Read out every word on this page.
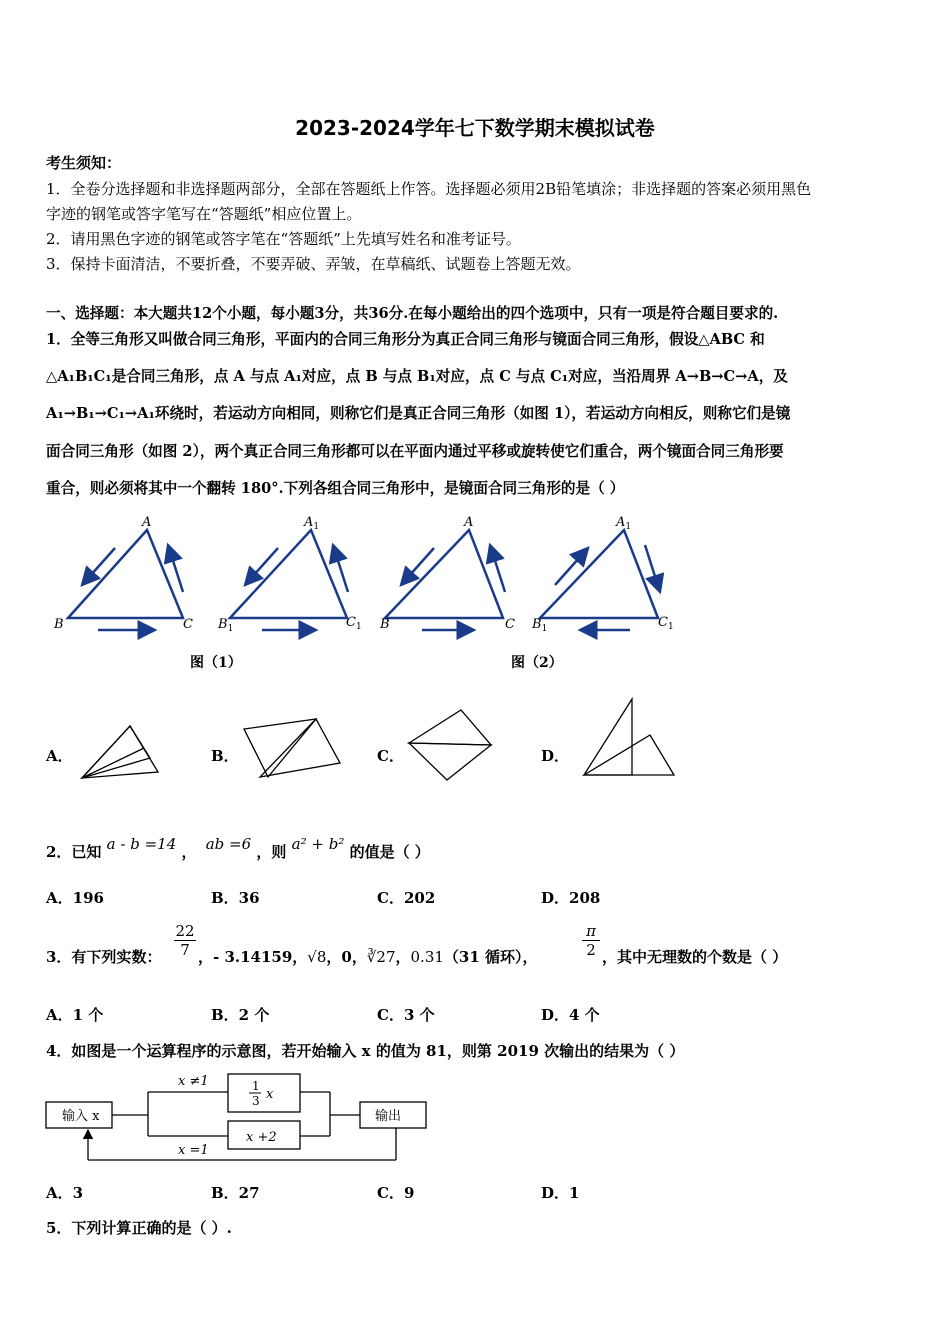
2023-2024学年七下数学期末模拟试卷
考生须知：
1．全卷分选择题和非选择题两部分，全部在答题纸上作答。选择题必须用2B铅笔填涂；非选择题的答案必须用黑色
字迹的钢笔或答字笔写在“答题纸”相应位置上。
2．请用黑色字迹的钢笔或答字笔在“答题纸”上先填写姓名和准考证号。
3．保持卡面清洁，不要折叠，不要弄破、弄皱，在草稿纸、试题卷上答题无效。
一、选择题：本大题共12个小题，每小题3分，共36分.在每小题给出的四个选项中，只有一项是符合题目要求的.
1．全等三角形又叫做合同三角形，平面内的合同三角形分为真正合同三角形与镜面合同三角形，假设△ABC 和
△A₁B₁C₁是合同三角形，点 A 与点 A₁对应，点 B 与点 B₁对应，点 C 与点 C₁对应，当沿周界 A→B→C→A，及
A₁→B₁→C₁→A₁环绕时，若运动方向相同，则称它们是真正合同三角形（如图 1），若运动方向相反，则称它们是镜
面合同三角形（如图 2），两个真正合同三角形都可以在平面内通过平移或旋转使它们重合，两个镜面合同三角形要
重合，则必须将其中一个翻转 180°.下列各组合同三角形中，是镜面合同三角形的是（ ）
A
B	C
$A_1$
$B_1$	$C_1$
A
B	C
$A_1$
$B_1$	$C_1$
图（1）	图（2）
A．	B．	C．	D．
2．已知 a - b =14 ， ab =6 ，则 a² + b² 的值是（ ）
A．196	B．36	C．202	D．208
3．有下列实数：
22
7 ，- 3.14159，√8，0，∛27，0.31（31 循环），
π
2 ，其中无理数的个数是（ ）
A．1 个	B．2 个	C．3 个	D．4 个
4．如图是一个运算程序的示意图，若开始输入 x 的值为 81，则第 2019 次输出的结果为（ ）
输入 x	输出
x ≠1
x =1
1
3 x
x +2
A．3	B．27	C．9	D．1
5．下列计算正确的是（ ）.
